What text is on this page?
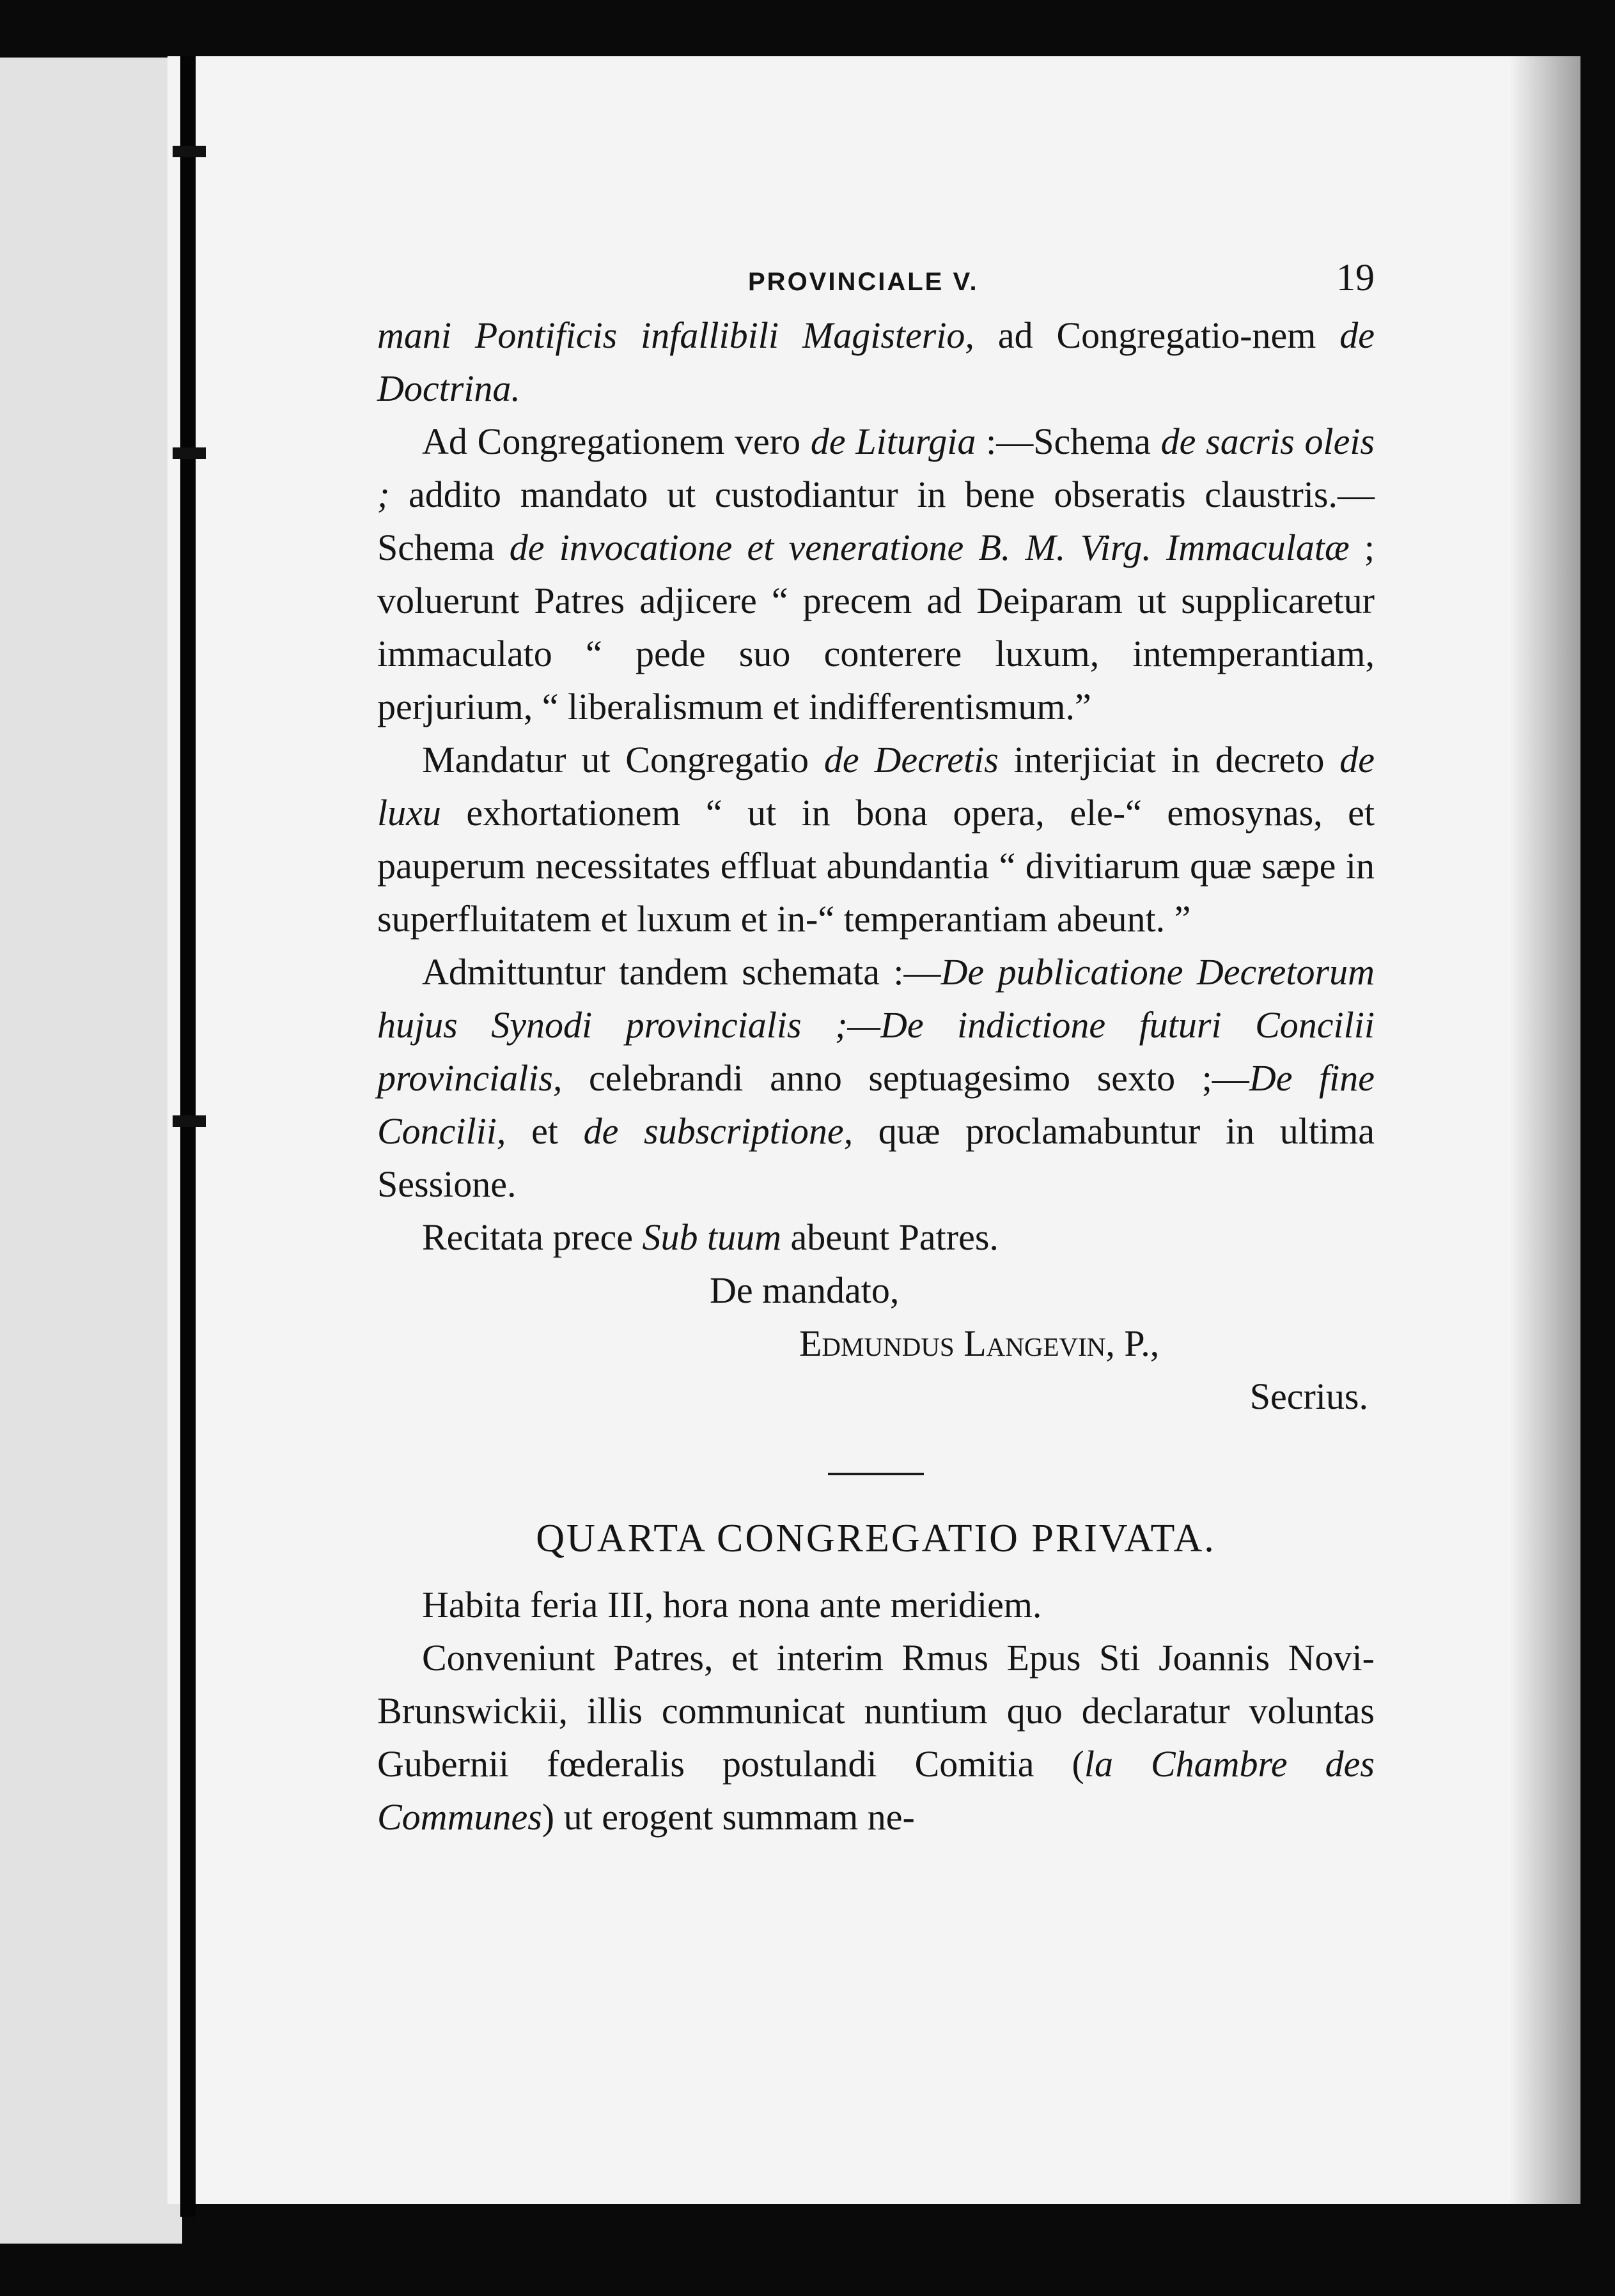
PROVINCIALE V.	19

mani Pontificis infallibili Magisterio, ad Congregatio-nem de Doctrina.

Ad Congregationem vero de Liturgia :—Schema de sacris oleis ; addito mandato ut custodiantur in bene obseratis claustris.—Schema de invocatione et veneratione B. M. Virg. Immaculatæ ; voluerunt Patres adjicere “ precem ad Deiparam ut supplicaretur immaculato “ pede suo conterere luxum, intemperantiam, perjurium, “ liberalismum et indifferentismum.”

Mandatur ut Congregatio de Decretis interjiciat in decreto de luxu exhortationem “ ut in bona opera, ele-“ emosynas, et pauperum necessitates effluat abundantia “ divitiarum quæ sæpe in superfluitatem et luxum et in-“ temperantiam abeunt. ”

Admittuntur tandem schemata :—De publicatione Decretorum hujus Synodi provincialis ;—De indictione futuri Concilii provincialis, celebrandi anno septuagesimo sexto ;—De fine Concilii, et de subscriptione, quæ proclamabuntur in ultima Sessione.

Recitata prece Sub tuum abeunt Patres.

De mandato,

Edmundus Langevin, P.,

Secrius.

QUARTA CONGREGATIO PRIVATA.

Habita feria III, hora nona ante meridiem.

Conveniunt Patres, et interim Rmus Epus Sti Joannis Novi-Brunswickii, illis communicat nuntium quo declaratur voluntas Gubernii fœderalis postulandi Comitia (la Chambre des Communes) ut erogent summam ne-
